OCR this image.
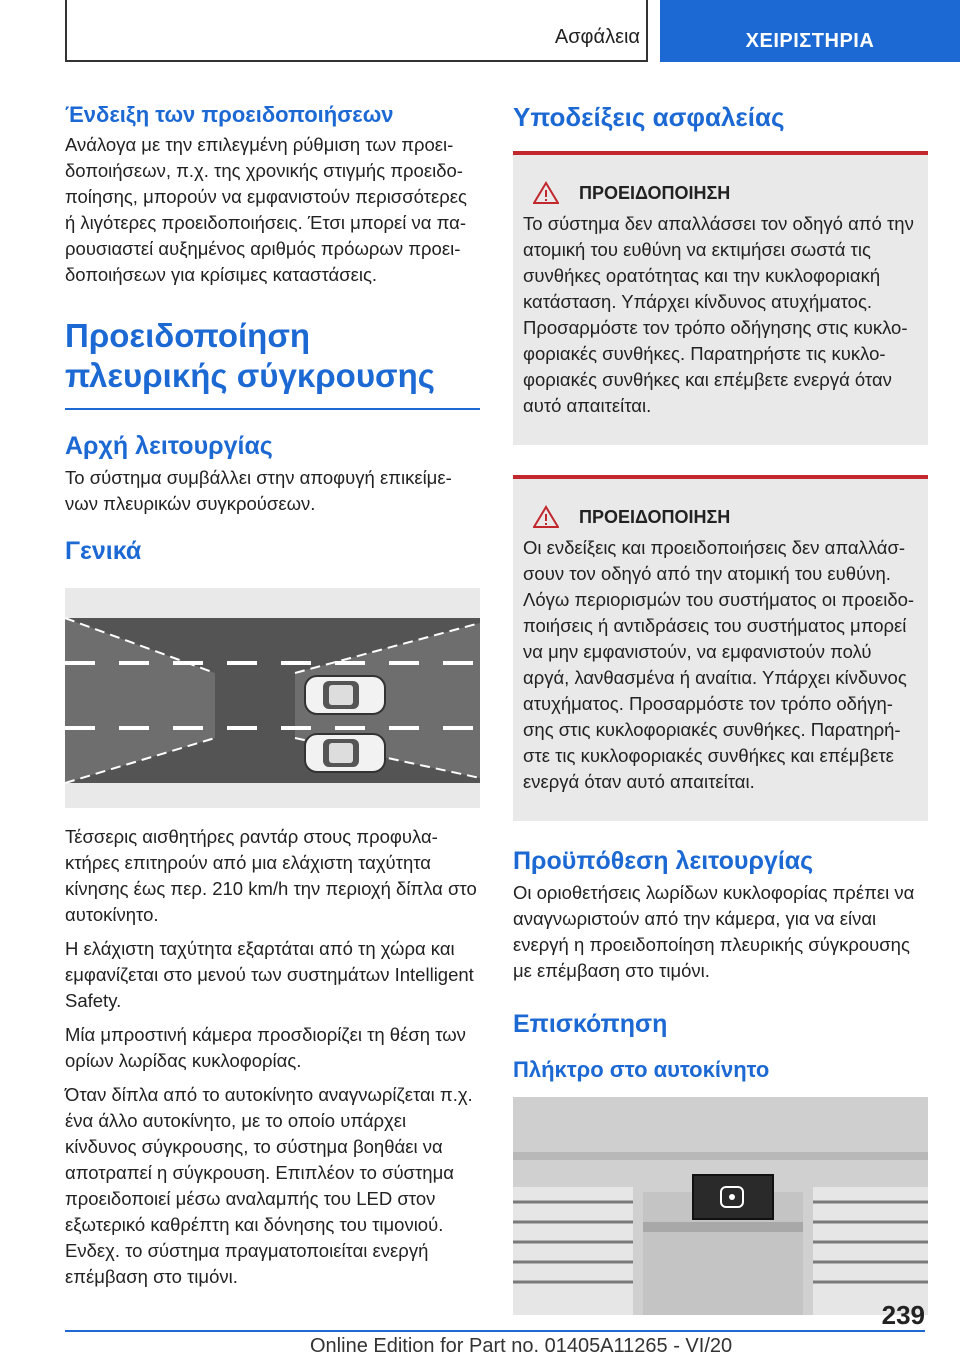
Ασφάλεια	ΧΕΙΡΙΣΤΗΡΙΑ
Ένδειξη των προειδοποιήσεων

Ανάλογα με την επιλεγμένη ρύθμιση των προει-δοποιήσεων, π.χ. της χρονικής στιγμής προειδο-ποίησης, μπορούν να εμφανιστούν περισσότερες ή λιγότερες προειδοποιήσεις. Έτσι μπορεί να πα-ρουσιαστεί αυξημένος αριθμός πρόωρων προει-δοποιήσεων για κρίσιμες καταστάσεις.

Προειδοποίηση πλευρικής σύγκρουσης
Αρχή λειτουργίας

Το σύστημα συμβάλλει στην αποφυγή επικείμε-νων πλευρικών συγκρούσεων.

Γενικά

Τέσσερις αισθητήρες ραντάρ στους προφυλα-κτήρες επιτηρούν από μια ελάχιστη ταχύτητα κίνησης έως περ. 210 km/h την περιοχή δίπλα στο αυτοκίνητο.

Η ελάχιστη ταχύτητα εξαρτάται από τη χώρα και εμφανίζεται στο μενού των συστημάτων Intelligent Safety.

Μία μπροστινή κάμερα προσδιορίζει τη θέση των ορίων λωρίδας κυκλοφορίας.

Όταν δίπλα από το αυτοκίνητο αναγνωρίζεται π.χ. ένα άλλο αυτοκίνητο, με το οποίο υπάρχει κίνδυνος σύγκρουσης, το σύστημα βοηθάει να αποτραπεί η σύγκρουση. Επιπλέον το σύστημα προειδοποιεί μέσω αναλαμπής του LED στον εξωτερικό καθρέπτη και δόνησης του τιμονιού. Ενδεχ. το σύστημα πραγματοποιείται ενεργή επέμβαση στο τιμόνι.

Υποδείξεις ασφαλείας
ΠΡΟΕΙΔΟΠΟΙΗΣΗ

Το σύστημα δεν απαλλάσσει τον οδηγό από την ατομική του ευθύνη να εκτιμήσει σωστά τις συνθήκες ορατότητας και την κυκλοφοριακή κατάσταση. Υπάρχει κίνδυνος ατυχήματος. Προσαρμόστε τον τρόπο οδήγησης στις κυκλο-φοριακές συνθήκες. Παρατηρήστε τις κυκλο-φοριακές συνθήκες και επέμβετε ενεργά όταν αυτό απαιτείται.

ΠΡΟΕΙΔΟΠΟΙΗΣΗ

Οι ενδείξεις και προειδοποιήσεις δεν απαλλάσ-σουν τον οδηγό από την ατομική του ευθύνη. Λόγω περιορισμών του συστήματος οι προειδο-ποιήσεις ή αντιδράσεις του συστήματος μπορεί να μην εμφανιστούν, να εμφανιστούν πολύ αργά, λανθασμένα ή αναίτια. Υπάρχει κίνδυνος ατυχήματος. Προσαρμόστε τον τρόπο οδήγη-σης στις κυκλοφοριακές συνθήκες. Παρατηρή-στε τις κυκλοφοριακές συνθήκες και επέμβετε ενεργά όταν αυτό απαιτείται.

Προϋπόθεση λειτουργίας

Οι οριοθετήσεις λωρίδων κυκλοφορίας πρέπει να αναγνωριστούν από την κάμερα, για να είναι ενεργή η προειδοποίηση πλευρικής σύγκρουσης με επέμβαση στο τιμόνι.

Επισκόπηση
Πλήκτρο στο αυτοκίνητο
239
Online Edition for Part no. 01405A11265 - VI/20
